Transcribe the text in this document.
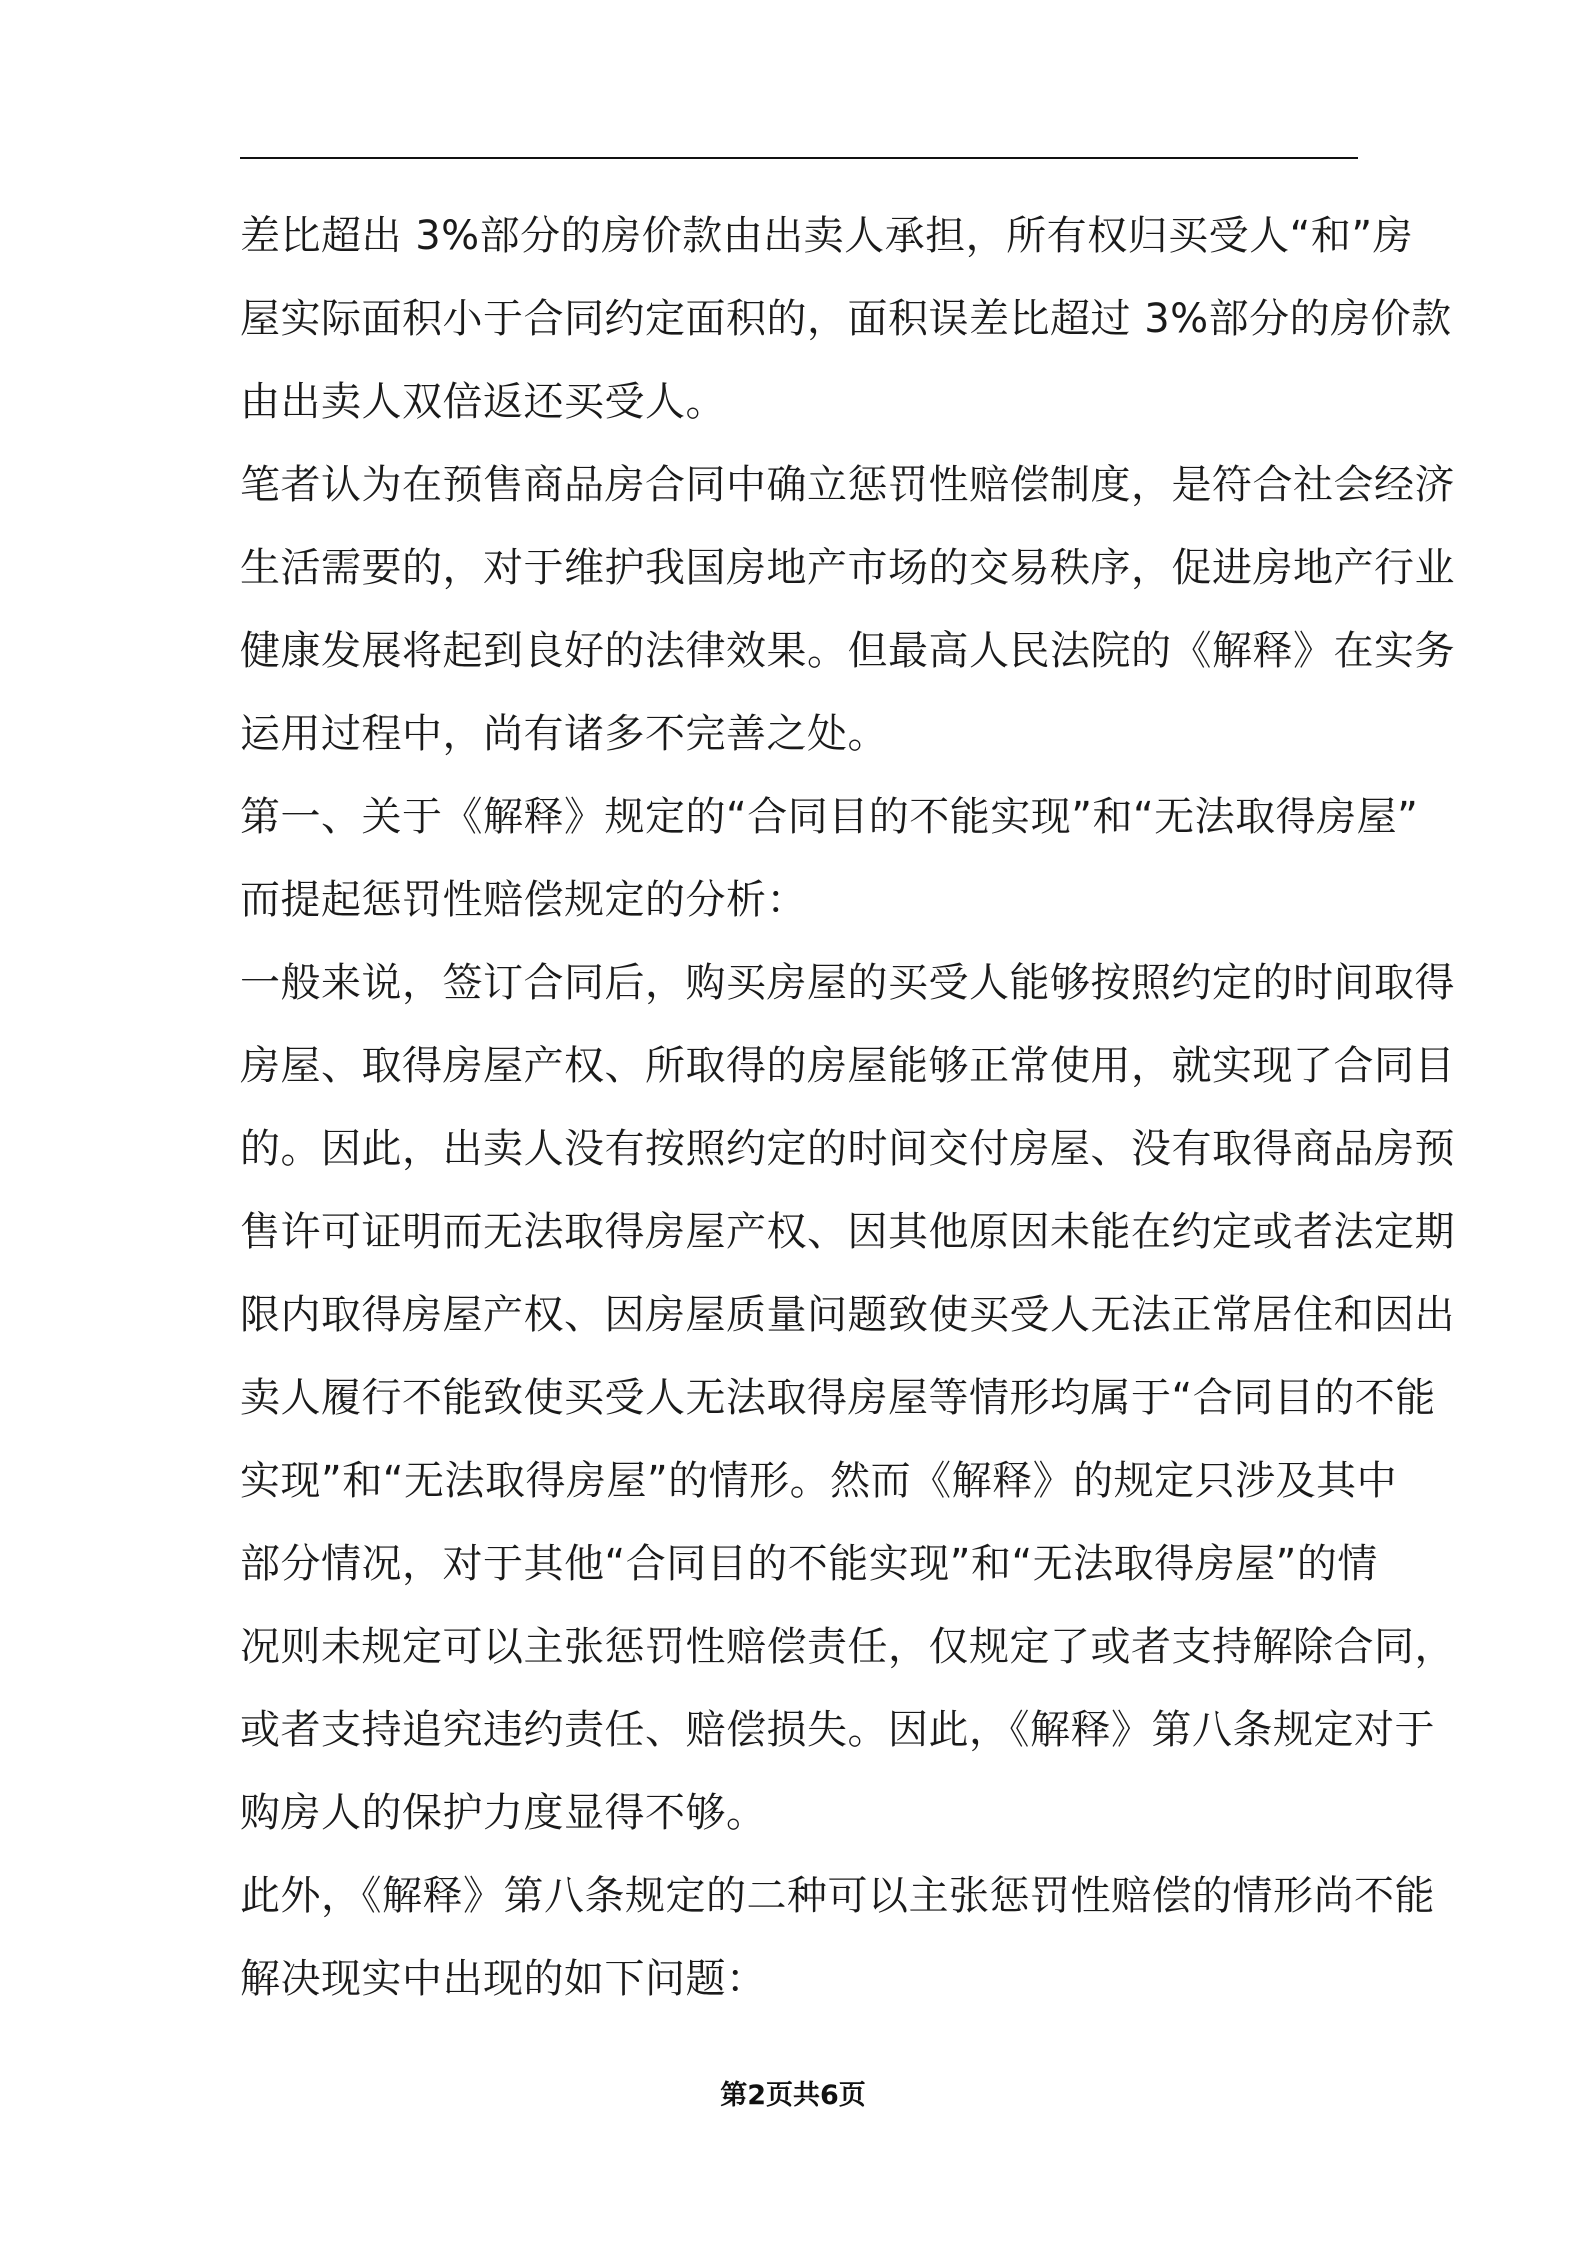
差比超出 3%部分的房价款由出卖人承担，所有权归买受人“和”房
屋实际面积小于合同约定面积的，面积误差比超过 3%部分的房价款
由出卖人双倍返还买受人。
笔者认为在预售商品房合同中确立惩罚性赔偿制度，是符合社会经济
生活需要的，对于维护我国房地产市场的交易秩序，促进房地产行业
健康发展将起到良好的法律效果。但最高人民法院的《解释》在实务
运用过程中，尚有诸多不完善之处。
第一、关于《解释》规定的“合同目的不能实现”和“无法取得房屋”
而提起惩罚性赔偿规定的分析：
一般来说，签订合同后，购买房屋的买受人能够按照约定的时间取得
房屋、取得房屋产权、所取得的房屋能够正常使用，就实现了合同目
的。因此，出卖人没有按照约定的时间交付房屋、没有取得商品房预
售许可证明而无法取得房屋产权、因其他原因未能在约定或者法定期
限内取得房屋产权、因房屋质量问题致使买受人无法正常居住和因出
卖人履行不能致使买受人无法取得房屋等情形均属于“合同目的不能
实现”和“无法取得房屋”的情形。然而《解释》的规定只涉及其中
部分情况，对于其他“合同目的不能实现”和“无法取得房屋”的情
况则未规定可以主张惩罚性赔偿责任，仅规定了或者支持解除合同，
或者支持追究违约责任、赔偿损失。因此，《解释》第八条规定对于
购房人的保护力度显得不够。
此外，《解释》第八条规定的二种可以主张惩罚性赔偿的情形尚不能
解决现实中出现的如下问题：
第2页共6页
